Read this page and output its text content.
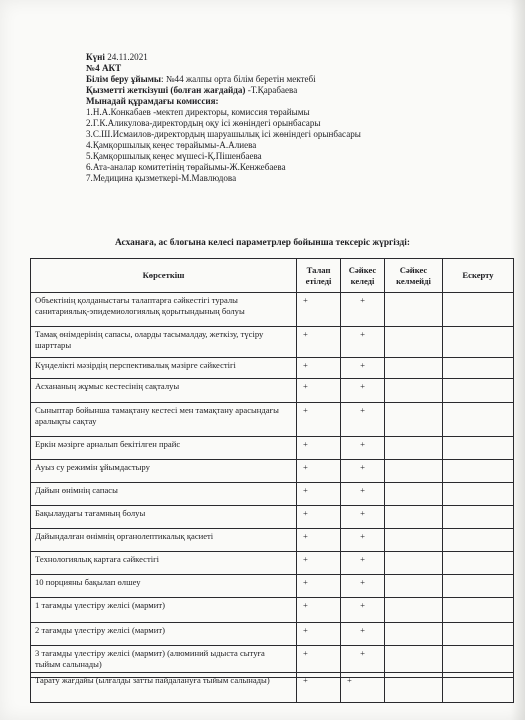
Күні 24.11.2021
№4 АКТ
Білім беру ұйымы: №44 жалпы орта білім беретін мектебі
Қызметті жеткізуші (болған жағдайда) -Т.Қарабаева
Мынадай құрамдағы комиссия:
1.Н.А.Конкабаев -мектеп директоры, комиссия төрайымы
2.Г.К.Аликулова-директордың оқу ісі жөніндегі орынбасары
3.С.Ш.Исмаилов-директордың шаруашылық ісі жөніндегі орынбасары
4.Қамқоршылық кеңес төрайымы-А.Алиева
5.Қамқоршылық кеңес мүшесі-Қ.Пішенбаева
6.Ата-аналар комитетінің төрайымы-Ж.Кенжебаева
7.Медицина қызметкері-М.Мавлюдова
Асханаға, ас блогына келесі параметрлер бойынша тексеріс жүргізді:
Көрсеткіш	Талап етіледі	Сәйкес келеді	Сәйкес келмейді	Ескерту
Объектінің қолданыстағы талаптарға сәйкестігі туралы санитариялық-эпидемиологиялық қорытындының болуы	+	+		
Тамақ өнімдерінің сапасы, оларды тасымалдау, жеткізу, түсіру шарттары	+	+		
Күнделікті мәзірдің перспективалық мәзірге сәйкестігі	+	+		
Асхананың жұмыс кестесінің сақталуы	+	+		
Сыныптар бойынша тамақтану кестесі мен тамақтану арасындағы аралықты сақтау	+	+		
Еркін мәзірге арналып бекітілген прайс	+	+		
Ауыз су режимін ұйымдастыру	+	+		
Дайын өнімнің сапасы	+	+		
Бақылаудағы тағамның болуы	+	+		
Дайындалған өнімнің органолептикалық қасиеті	+	+		
Технологиялық картаға сәйкестігі	+	+		
10 порцияны бақылап өлшеу	+	+		
1 тағамды үлестіру желісі (мармит)	+	+		
2 тағамды үлестіру желісі (мармит)	+	+		
3 тағамды үлестіру желісі (мармит) (алюминий ыдыста сытуға тыйым салынады)	+	+		
Тарату жағдайы (ылғалды затты пайдалануға тыйым салынады)	+	+		
